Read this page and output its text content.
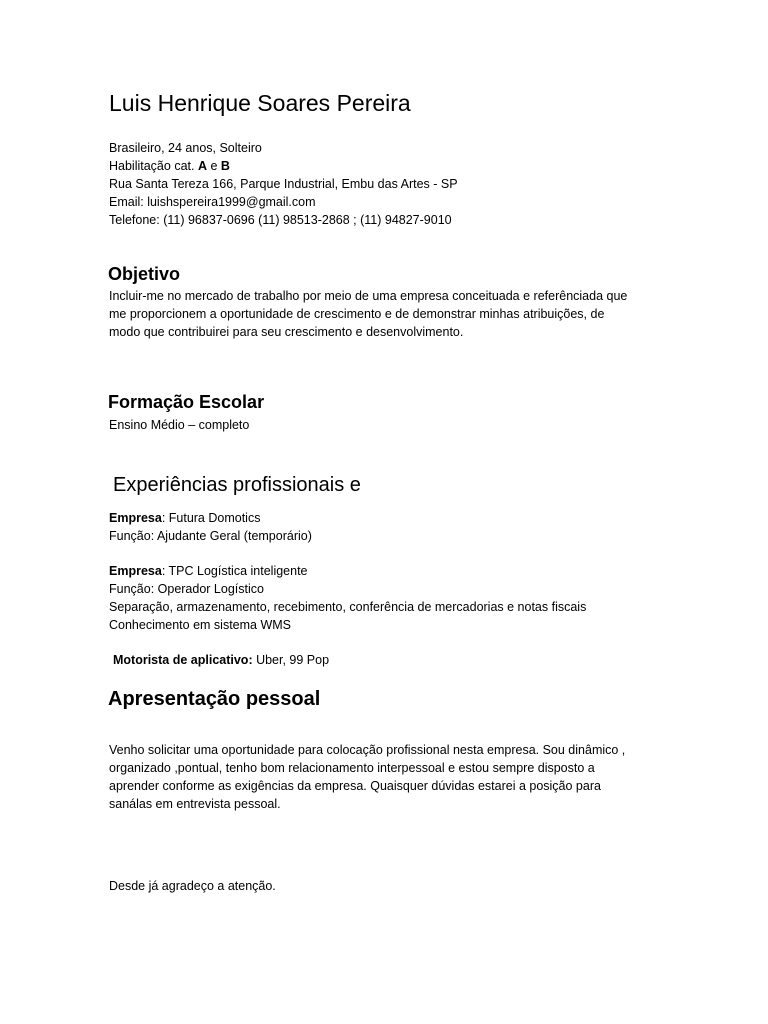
Luis Henrique Soares Pereira
Brasileiro, 24 anos, Solteiro
Habilitação cat. A e B
Rua Santa Tereza 166, Parque Industrial, Embu das Artes - SP
Email: luishspereira1999@gmail.com
Telefone: (11) 96837-0696 (11) 98513-2868 ; (11) 94827-9010
Objetivo
Incluir-me no mercado de trabalho por meio de uma empresa conceituada e referênciada que
me proporcionem a oportunidade de crescimento e de demonstrar minhas atribuições, de
modo que contribuirei para seu crescimento e desenvolvimento.
Formação Escolar
Ensino Médio – completo
Experiências profissionais e
Empresa: Futura Domotics
Função: Ajudante Geral (temporário)
Empresa: TPC Logística inteligente
Função: Operador Logístico
Separação, armazenamento, recebimento, conferência de mercadorias e notas fiscais
Conhecimento em sistema WMS
Motorista de aplicativo: Uber, 99 Pop
Apresentação pessoal
Venho solicitar uma oportunidade para colocação profissional nesta empresa. Sou dinâmico ,
organizado ,pontual, tenho bom relacionamento interpessoal e estou sempre disposto a
aprender conforme as exigências da empresa. Quaisquer dúvidas estarei a posição para
sanálas em entrevista pessoal.
Desde já agradeço a atenção.
